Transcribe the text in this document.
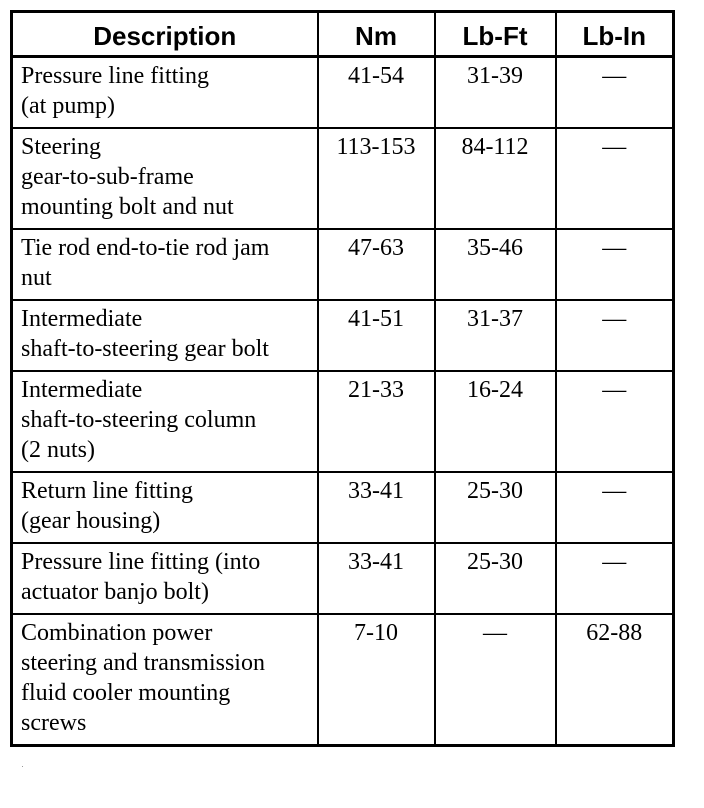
Description	Nm	Lb-Ft	Lb-In
Pressure line fitting
(at pump)	41-54	31-39	—
Steering
gear-to-sub-frame
mounting bolt and nut	113-153	84-112	—
Tie rod end-to-tie rod jam
nut	47-63	35-46	—
Intermediate
shaft-to-steering gear bolt	41-51	31-37	—
Intermediate
shaft-to-steering column
(2 nuts)	21-33	16-24	—
Return line fitting
(gear housing)	33-41	25-30	—
Pressure line fitting (into
actuator banjo bolt)	33-41	25-30	—
Combination power
steering and transmission
fluid cooler mounting
screws	7-10	—	62-88
